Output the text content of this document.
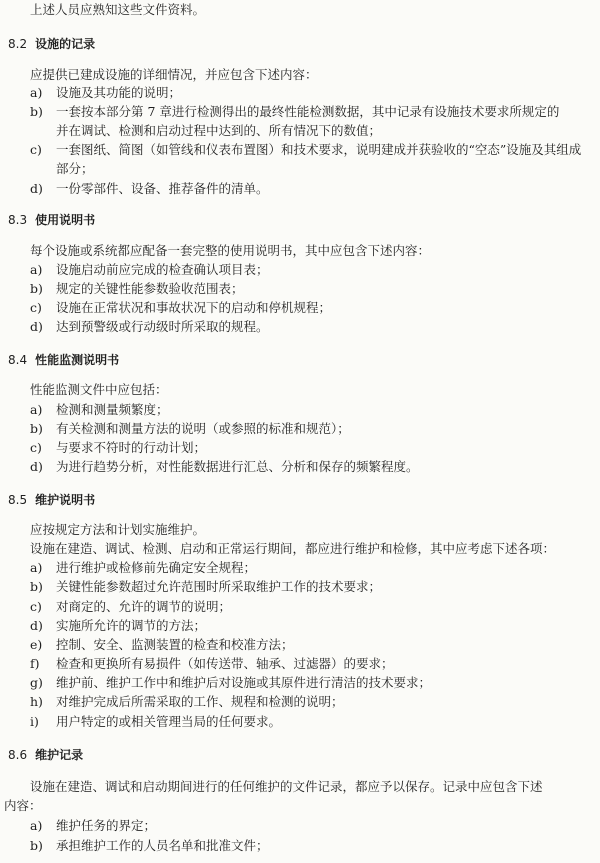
上述人员应熟知这些文件资料。
8.2 设施的记录
应提供已建成设施的详细情况，并应包含下述内容：
a) 设施及其功能的说明；
b) 一套按本部分第 7 章进行检测得出的最终性能检测数据，其中记录有设施技术要求所规定的
并在调试、检测和启动过程中达到的、所有情况下的数值；
c) 一套图纸、简图（如管线和仪表布置图）和技术要求，说明建成并获验收的“空态”设施及其组成
部分；
d) 一份零部件、设备、推荐备件的清单。
8.3 使用说明书
每个设施或系统都应配备一套完整的使用说明书，其中应包含下述内容：
a) 设施启动前应完成的检查确认项目表；
b) 规定的关键性能参数验收范围表；
c) 设施在正常状况和事故状况下的启动和停机规程；
d) 达到预警级或行动级时所采取的规程。
8.4 性能监测说明书
性能监测文件中应包括：
a) 检测和测量频繁度；
b) 有关检测和测量方法的说明（或参照的标准和规范）；
c) 与要求不符时的行动计划；
d) 为进行趋势分析，对性能数据进行汇总、分析和保存的频繁程度。
8.5 维护说明书
应按规定方法和计划实施维护。
设施在建造、调试、检测、启动和正常运行期间，都应进行维护和检修，其中应考虑下述各项：
a) 进行维护或检修前先确定安全规程；
b) 关键性能参数超过允许范围时所采取维护工作的技术要求；
c) 对商定的、允许的调节的说明；
d) 实施所允许的调节的方法；
e) 控制、安全、监测装置的检查和校准方法；
f) 检查和更换所有易损件（如传送带、轴承、过滤器）的要求；
g) 维护前、维护工作中和维护后对设施或其原件进行清洁的技术要求；
h) 对维护完成后所需采取的工作、规程和检测的说明；
i) 用户特定的或相关管理当局的任何要求。
8.6 维护记录
设施在建造、调试和启动期间进行的任何维护的文件记录，都应予以保存。记录中应包含下述
内容：
a) 维护任务的界定；
b) 承担维护工作的人员名单和批准文件；
